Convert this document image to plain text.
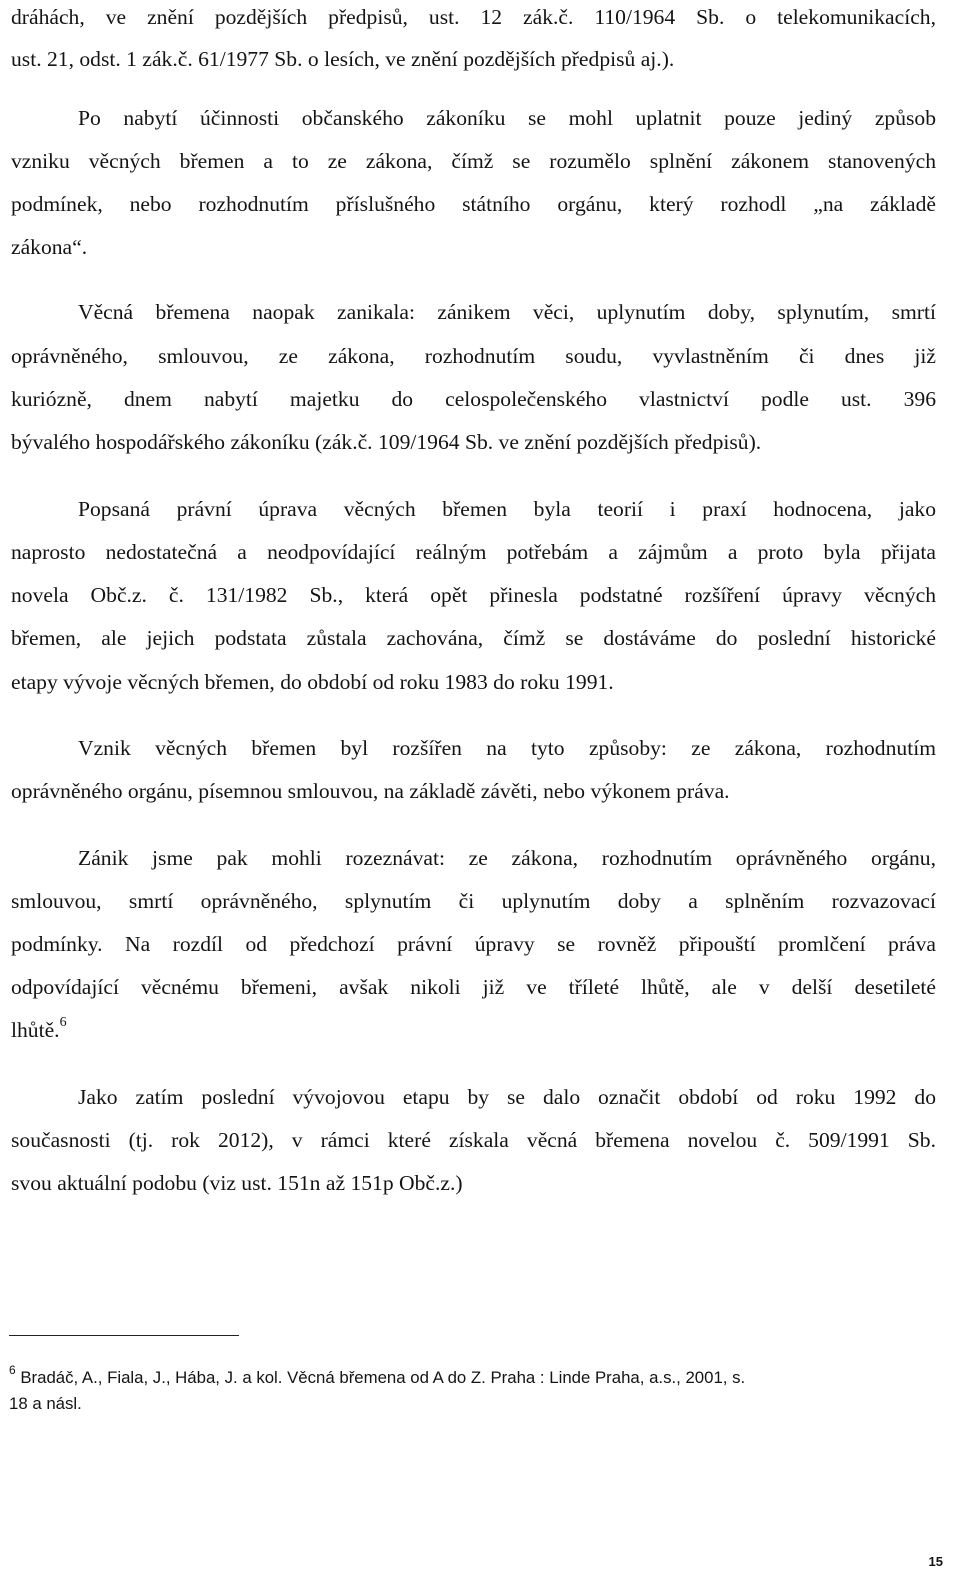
dráhách, ve znění pozdějších předpisů, ust. 12 zák.č. 110/1964 Sb. o telekomunikacích,

ust. 21, odst. 1 zák.č. 61/1977 Sb. o lesích, ve znění pozdějších předpisů aj.).

Po nabytí účinnosti občanského zákoníku se mohl uplatnit pouze jediný způsob

vzniku věcných břemen a to ze zákona, čímž se rozumělo splnění zákonem stanovených

podmínek, nebo rozhodnutím příslušného státního orgánu, který rozhodl „na základě

zákona“.

Věcná břemena naopak zanikala: zánikem věci, uplynutím doby, splynutím, smrtí

oprávněného, smlouvou, ze zákona, rozhodnutím soudu, vyvlastněním či dnes již

kuriózně, dnem nabytí majetku do celospolečenského vlastnictví podle ust. 396

bývalého hospodářského zákoníku (zák.č. 109/1964 Sb. ve znění pozdějších předpisů).

Popsaná právní úprava věcných břemen byla teorií i praxí hodnocena, jako

naprosto nedostatečná a neodpovídající reálným potřebám a zájmům a proto byla přijata

novela Obč.z. č. 131/1982 Sb., která opět přinesla podstatné rozšíření úpravy věcných

břemen, ale jejich podstata zůstala zachována, čímž se dostáváme do poslední historické

etapy vývoje věcných břemen, do období od roku 1983 do roku 1991.

Vznik věcných břemen byl rozšířen na tyto způsoby: ze zákona, rozhodnutím

oprávněného orgánu, písemnou smlouvou, na základě závěti, nebo výkonem práva.

Zánik jsme pak mohli rozeznávat: ze zákona, rozhodnutím oprávněného orgánu,

smlouvou, smrtí oprávněného, splynutím či uplynutím doby a splněním rozvazovací

podmínky. Na rozdíl od předchozí právní úpravy se rovněž připouští promlčení práva

odpovídající věcnému břemeni, avšak nikoli již ve tříleté lhůtě, ale v delší desetileté

lhůtě.$^6$

Jako zatím poslední vývojovou etapu by se dalo označit období od roku 1992 do

současnosti (tj. rok 2012), v rámci které získala věcná břemena novelou č. 509/1991 Sb.

svou aktuální podobu (viz ust. 151n až 151p Obč.z.)

$^6$ Bradáč, A., Fiala, J., Hába, J. a kol. Věcná břemena od A do Z. Praha : Linde Praha, a.s., 2001, s.

18 a násl.

15
